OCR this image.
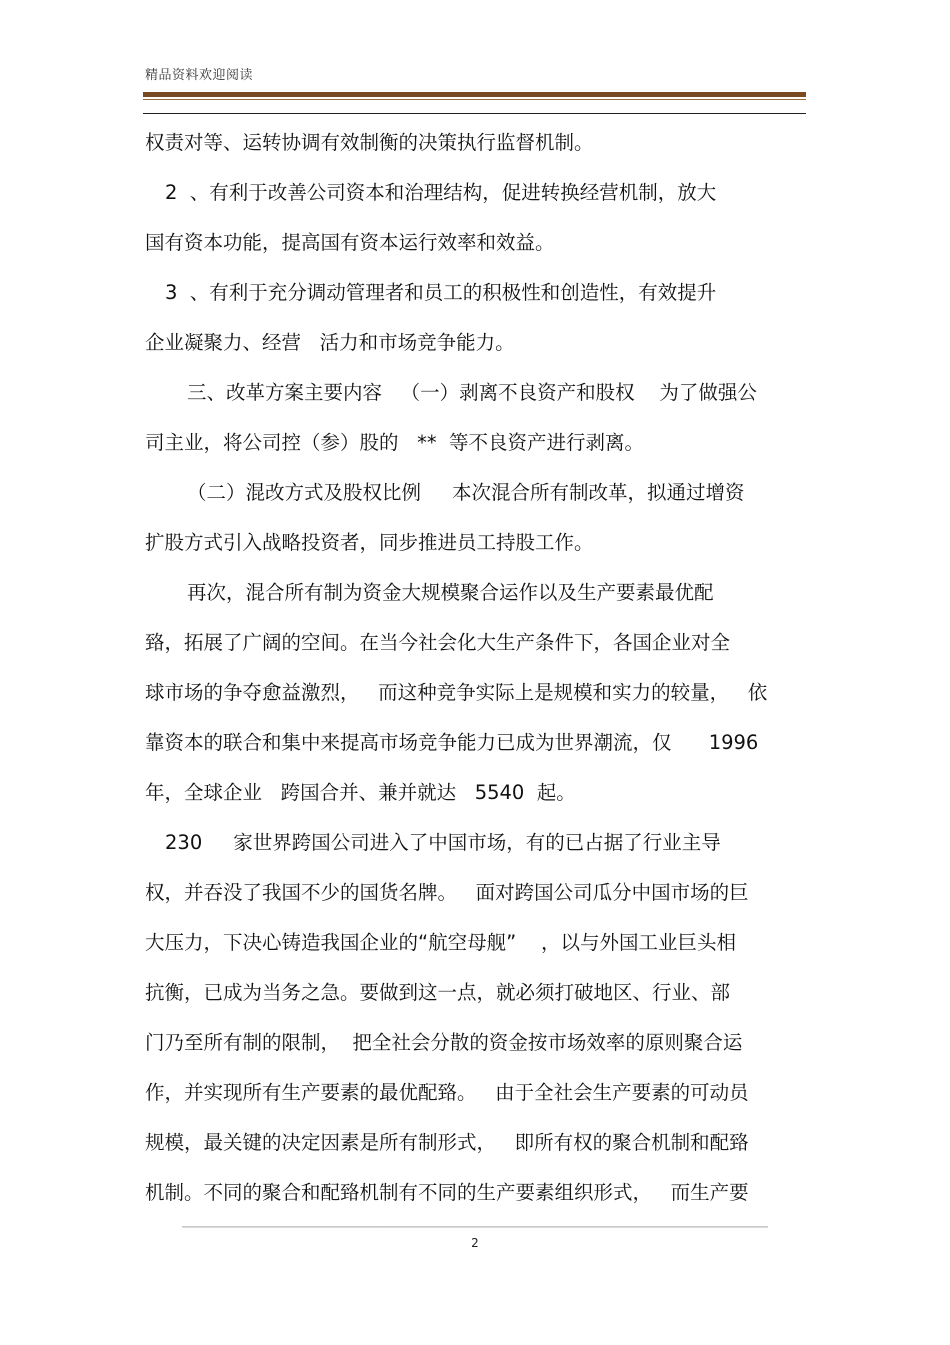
精品资料欢迎阅读
权责对等、运转协调有效制衡的决策执行监督机制。
2  、有利于改善公司资本和治理结构，促进转换经营机制，放大
国有资本功能，提高国有资本运行效率和效益。
3  、有利于充分调动管理者和员工的积极性和创造性，有效提升
企业凝聚力、经营   活力和市场竞争能力。
三、改革方案主要内容   （一）剥离不良资产和股权    为了做强公
司主业，将公司控（参）股的   **  等不良资产进行剥离。
（二）混改方式及股权比例     本次混合所有制改革，拟通过增资
扩股方式引入战略投资者，同步推进员工持股工作。
再次，混合所有制为资金大规模聚合运作以及生产要素最优配
臵，拓展了广阔的空间。在当今社会化大生产条件下，各国企业对全
球市场的争夺愈益激烈，   而这种竞争实际上是规模和实力的较量，   依
靠资本的联合和集中来提高市场竞争能力已成为世界潮流，仅      1996
年，全球企业   跨国合并、兼并就达   5540  起。
230     家世界跨国公司进入了中国市场，有的已占据了行业主导
权，并吞没了我国不少的国货名牌。   面对跨国公司瓜分中国市场的巨
大压力，下决心铸造我国企业的“航空母舰”    ，以与外国工业巨头相
抗衡，已成为当务之急。要做到这一点，就必须打破地区、行业、部
门乃至所有制的限制，  把全社会分散的资金按市场效率的原则聚合运
作，并实现所有生产要素的最优配臵。   由于全社会生产要素的可动员
规模，最关键的决定因素是所有制形式，   即所有权的聚合机制和配臵
机制。不同的聚合和配臵机制有不同的生产要素组织形式，   而生产要
2
